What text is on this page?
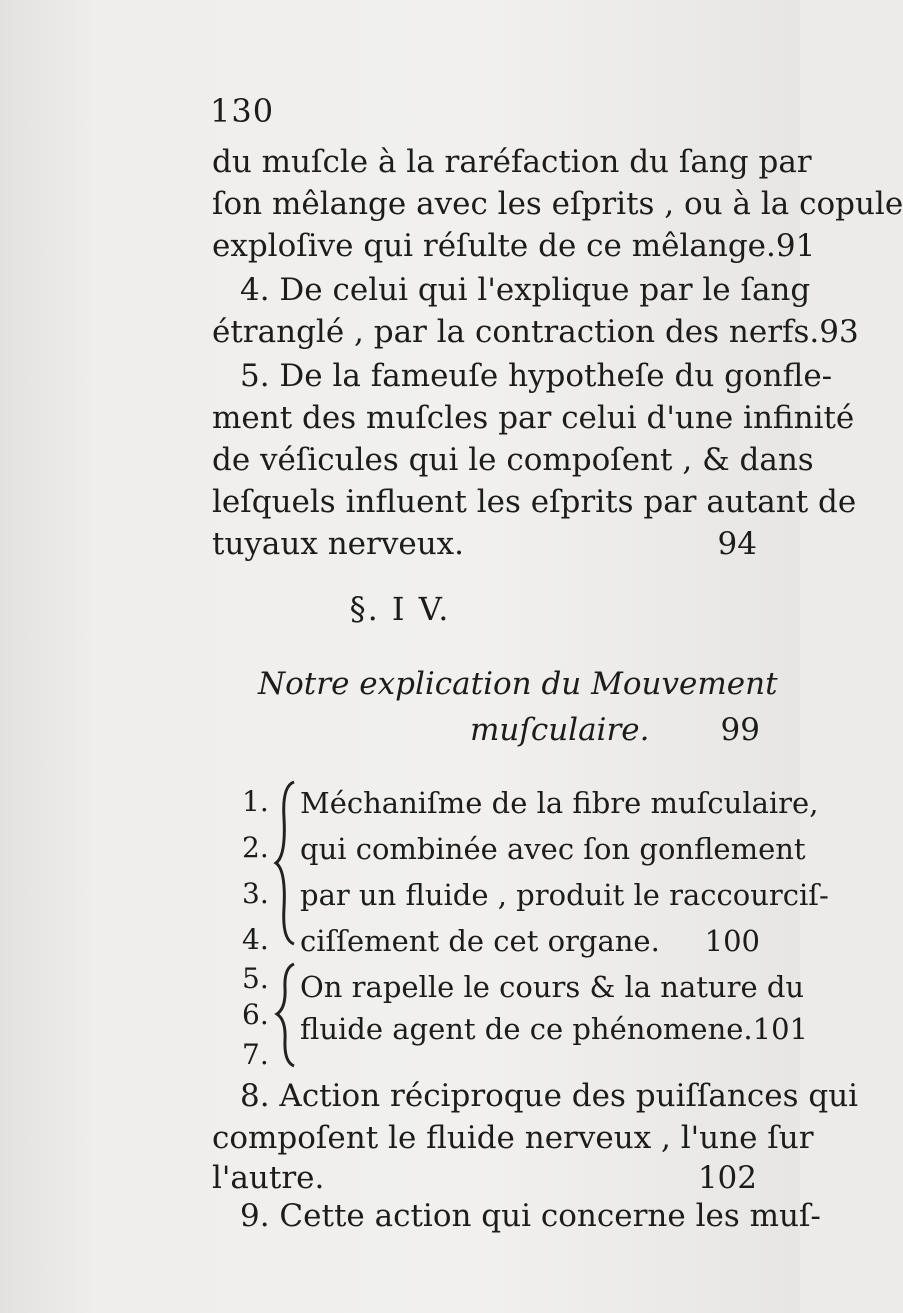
130
du muſcle à la raréfaction du ſang par
ſon mêlange avec les eſprits , ou à la copule
exploſive qui réſulte de ce mêlange. 91
4. De celui qui l'explique par le ſang
étranglé , par la contraction des nerfs. 93
5. De la fameuſe hypotheſe du gonfle-
ment des muſcles par celui d'une infinité
de véſicules qui le compoſent , & dans
leſquels influent les eſprits par autant de
tuyaux nerveux.	94
§. I V.
Notre explication du Mouvement
muſculaire. 99
1.
2.
3.
4.
Méchaniſme de la fibre muſculaire,
qui combinée avec ſon gonflement
par un fluide , produit le raccourciſ-
ciſſement de cet organe. 100
5.
6.
7.
On rapelle le cours & la nature du
fluide agent de ce phénomene. 101
8. Action réciproque des puiſſances qui
compoſent le fluide nerveux , l'une ſur
l'autre.	102
9. Cette action qui concerne les muſ-
